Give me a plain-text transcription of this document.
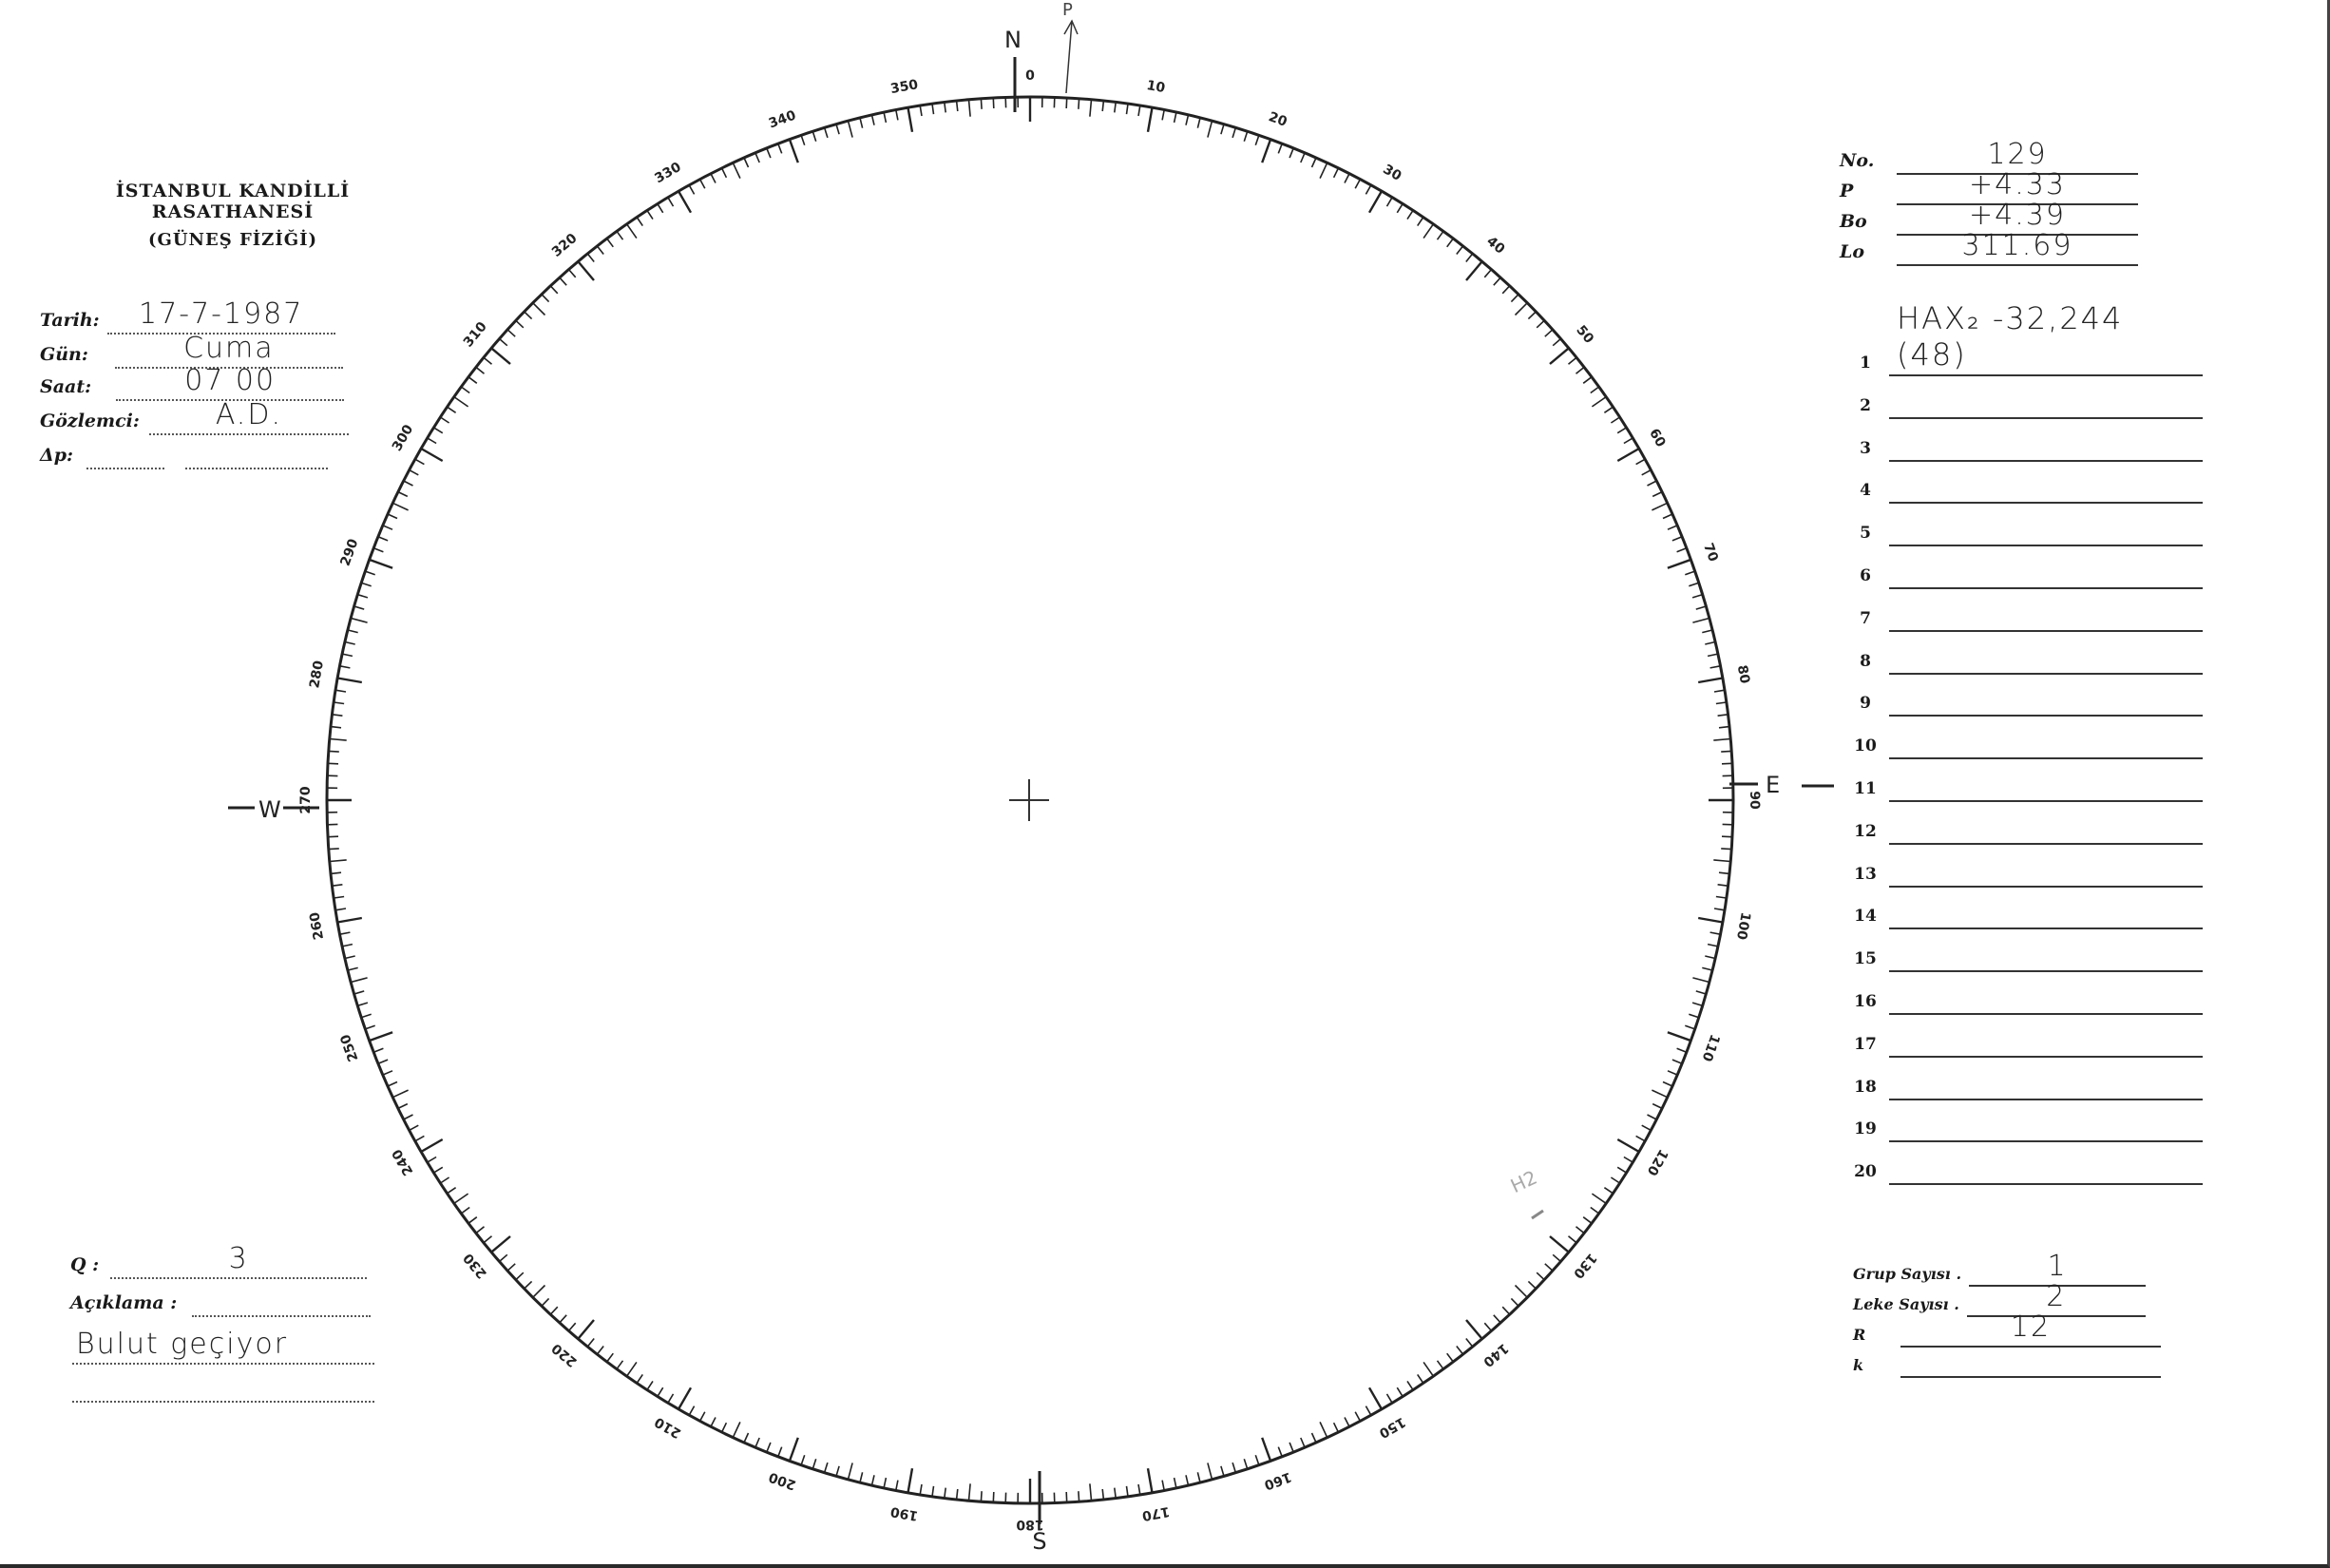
İSTANBUL KANDİLLİ RASATHANESİ
(GÜNEŞ FİZİĞİ)
Tarih:	17-7-1987
Gün:	Cuma
Saat:	07 00
Gözlemci:	A.D.
Δp:
No.	129
P	+4.33
Bo	+4.39
Lo	311.69
1
HAX₂ -32,244 (48)
2
3
4
5
6
7
8
9
10
11
12
13
14
15
16
17
18
19
20
Q :	3
Açıklama :
Bulut geçiyor
Grup Sayısı .	1
Leke Sayısı .	2
R	12
k
0
10
20
30
40
50
60
70
80
90
100
110
120
130
140
150
160
170
180
190
200
210
220
230
240
250
260
270
280
290
300
310
320
330
340
350
N
S
W
E
P
H2
